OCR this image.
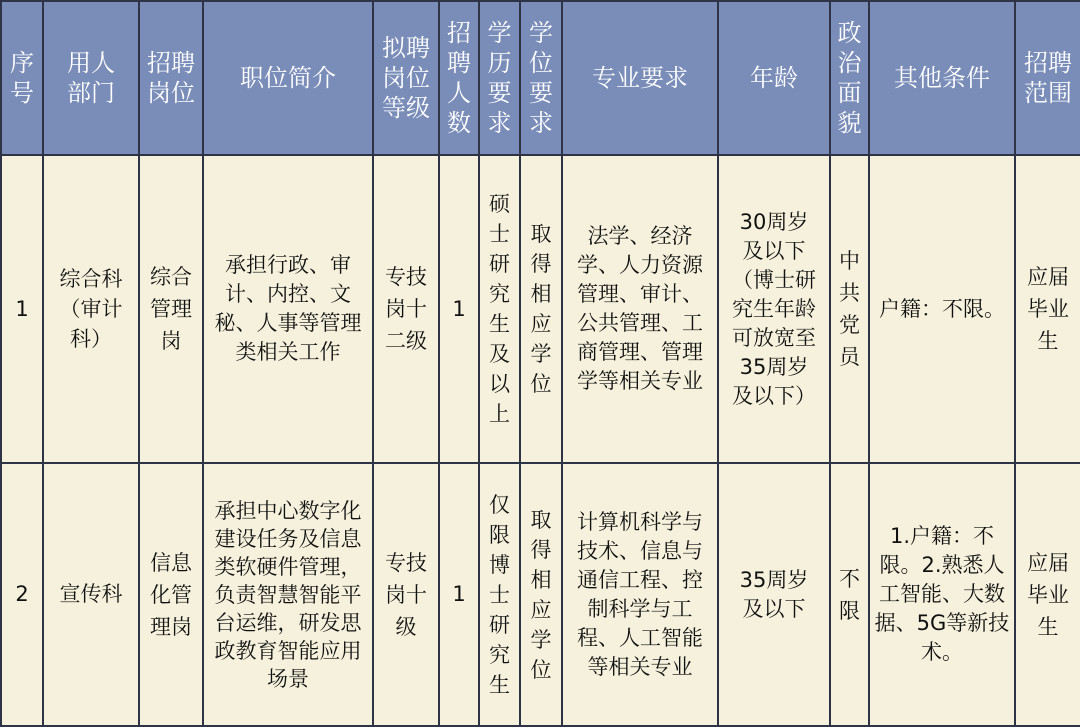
序号	用人部门	招聘岗位	职位简介	拟聘岗位等级	招聘人数	学历要求	学位要求	专业要求	年龄	政治面貌	其他条件	招聘范围

1	综合科（审计科）	综合管理岗	承担行政、审计、内控、文秘、人事等管理类相关工作	专技岗十二级	1	硕士研究生及以上	取得相应学位	法学、经济学、人力资源管理、审计、公共管理、工商管理、管理学等相关专业	30周岁及以下（博士研究生年龄可放宽至35周岁及以下）	中共党员	户籍：不限。	应届毕业生

2	宣传科	信息化管理岗	承担中心数字化建设任务及信息类软硬件管理，负责智慧智能平台运维，研发思政教育智能应用场景	专技岗十级	1	仅限博士研究生	取得相应学位	计算机科学与技术、信息与通信工程、控制科学与工程、人工智能等相关专业	35周岁及以下	不限	1.户籍：不限。2.熟悉人工智能、大数据、5G等新技术。	应届毕业生
